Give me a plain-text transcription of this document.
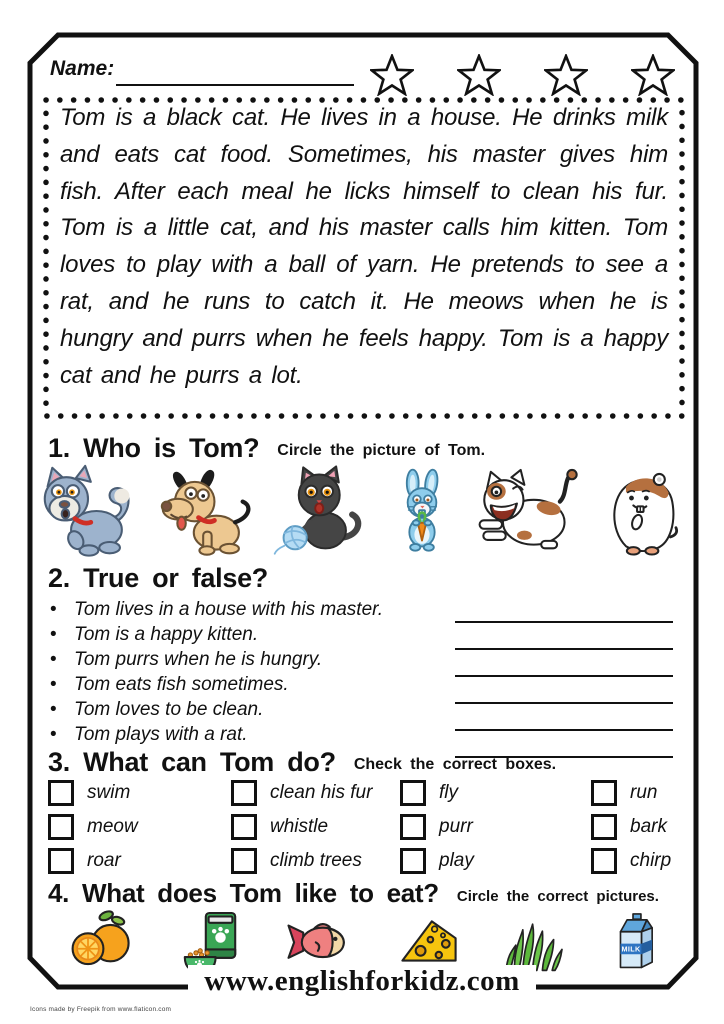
Name:

Tom is a black cat. He lives in a house. He drinks milk and eats cat food. Sometimes, his master gives him fish. After each meal he licks himself to clean his fur. Tom is a little cat, and his master calls him kitten. Tom loves to play with a ball of yarn. He pretends to see a rat, and he runs to catch it. He meows when he is hungry and purrs when he feels happy. Tom is a happy cat and he purrs a lot.

1. Who is Tom? Circle the picture of Tom.
2. True or false?
• Tom lives in a house with his master.
• Tom is a happy kitten.
• Tom purrs when he is hungry.
• Tom eats fish sometimes.
• Tom loves to be clean.
• Tom plays with a rat.
3. What can Tom do? Check the correct boxes.
swim
meow
roar
clean his fur
whistle
climb trees
fly
purr
play
run
bark
chirp
4. What does Tom like to eat? Circle the correct pictures.
MILK
www.englishforkidz.com
Icons made by Freepik from www.flaticon.com
